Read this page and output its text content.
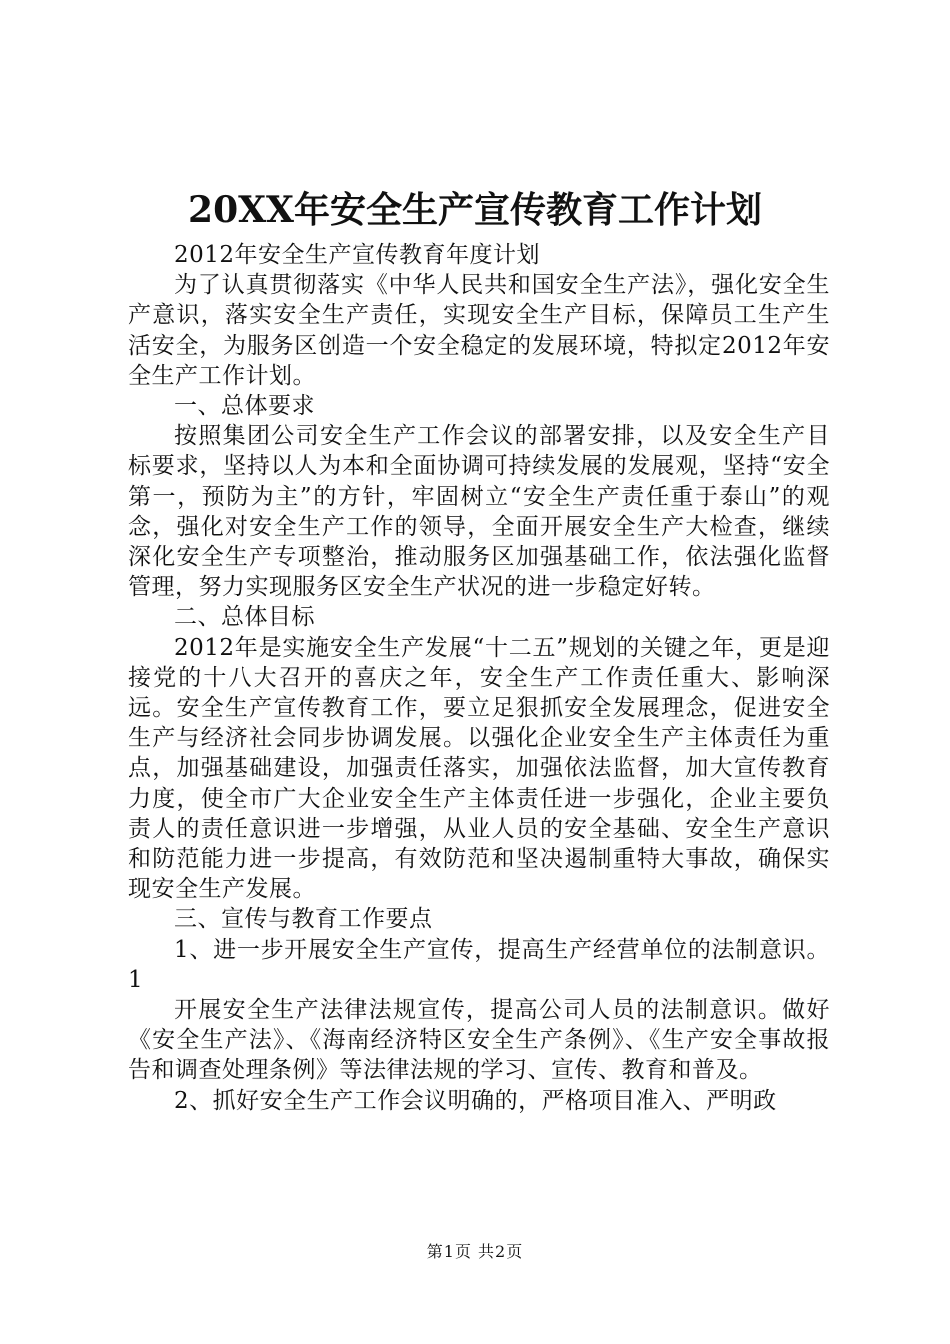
20XX年安全生产宣传教育工作计划

2012年安全生产宣传教育年度计划

为了认真贯彻落实《中华人民共和国安全生产法》，强化安全生产意识，落实安全生产责任，实现安全生产目标，保障员工生产生活安全，为服务区创造一个安全稳定的发展环境，特拟定2012年安全生产工作计划。

一、总体要求

按照集团公司安全生产工作会议的部署安排，以及安全生产目标要求，坚持以人为本和全面协调可持续发展的发展观，坚持“安全第一，预防为主”的方针，牢固树立“安全生产责任重于泰山”的观念，强化对安全生产工作的领导，全面开展安全生产大检查，继续深化安全生产专项整治，推动服务区加强基础工作，依法强化监督管理，努力实现服务区安全生产状况的进一步稳定好转。

二、总体目标

2012年是实施安全生产发展“十二五”规划的关键之年，更是迎接党的十八大召开的喜庆之年，安全生产工作责任重大、影响深远。安全生产宣传教育工作，要立足狠抓安全发展理念，促进安全生产与经济社会同步协调发展。以强化企业安全生产主体责任为重点，加强基础建设，加强责任落实，加强依法监督，加大宣传教育力度，使全市广大企业安全生产主体责任进一步强化，企业主要负责人的责任意识进一步增强，从业人员的安全基础、安全生产意识和防范能力进一步提高，有效防范和坚决遏制重特大事故，确保实现安全生产发展。

三、宣传与教育工作要点

1、进一步开展安全生产宣传，提高生产经营单位的法制意识。1

开展安全生产法律法规宣传，提高公司人员的法制意识。做好《安全生产法》、《海南经济特区安全生产条例》、《生产安全事故报告和调查处理条例》等法律法规的学习、宣传、教育和普及。

2、抓好安全生产工作会议明确的，严格项目准入、严明政

第1页 共2页
